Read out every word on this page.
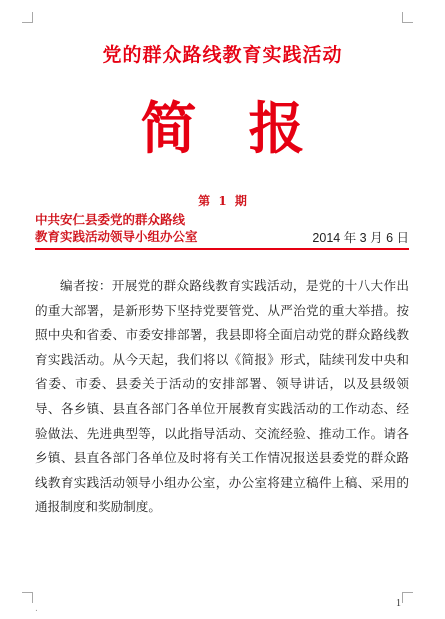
党的群众路线教育实践活动
简报
第 1 期
中共安仁县委党的群众路线
教育实践活动领导小组办公室	2014 年 3 月 6 日

编者按：开展党的群众路线教育实践活动，是党的十八大作出的重大部署，是新形势下坚持党要管党、从严治党的重大举措。按照中央和省委、市委安排部署，我县即将全面启动党的群众路线教育实践活动。从今天起，我们将以《简报》形式，陆续刊发中央和省委、市委、县委关于活动的安排部署、领导讲话，以及县级领导、各乡镇、县直各部门各单位开展教育实践活动的工作动态、经验做法、先进典型等，以此指导活动、交流经验、推动工作。请各乡镇、县直各部门各单位及时将有关工作情况报送县委党的群众路线教育实践活动领导小组办公室，办公室将建立稿件上稿、采用的通报制度和奖励制度。

.	1
